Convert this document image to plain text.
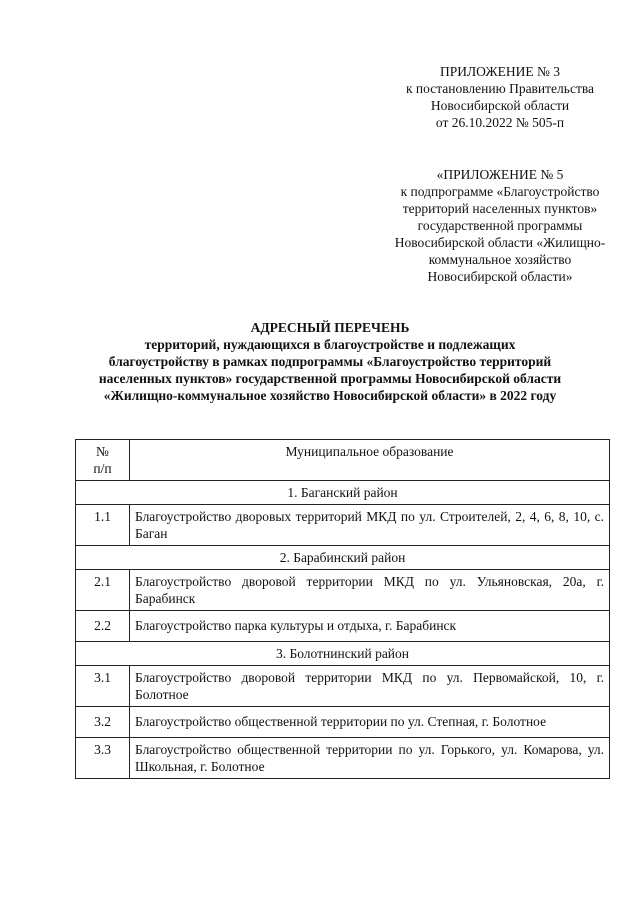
ПРИЛОЖЕНИЕ № 3
к постановлению Правительства
Новосибирской области
от 26.10.2022 № 505-п
«ПРИЛОЖЕНИЕ № 5
к подпрограмме «Благоустройство
территорий населенных пунктов»
государственной программы
Новосибирской области «Жилищно-
коммунальное хозяйство
Новосибирской области»
АДРЕСНЫЙ ПЕРЕЧЕНЬ
территорий, нуждающихся в благоустройстве и подлежащих
благоустройству в рамках подпрограммы «Благоустройство территорий
населенных пунктов» государственной программы Новосибирской области
«Жилищно-коммунальное хозяйство Новосибирской области» в 2022 году
№
п/п	Муниципальное образование
1. Баганский район	
1.1	Благоустройство дворовых территорий МКД по ул. Строителей, 2, 4, 6, 8, 10, с. Баган
2. Барабинский район	
2.1	Благоустройство дворовой территории МКД по ул. Ульяновская, 20а, г. Барабинск
2.2	Благоустройство парка культуры и отдыха, г. Барабинск
3. Болотнинский район	
3.1	Благоустройство дворовой территории МКД по ул. Первомайской, 10, г. Болотное
3.2	Благоустройство общественной территории по ул. Степная, г. Болотное
3.3	Благоустройство общественной территории по ул. Горького, ул. Комарова, ул. Школьная, г. Болотное
